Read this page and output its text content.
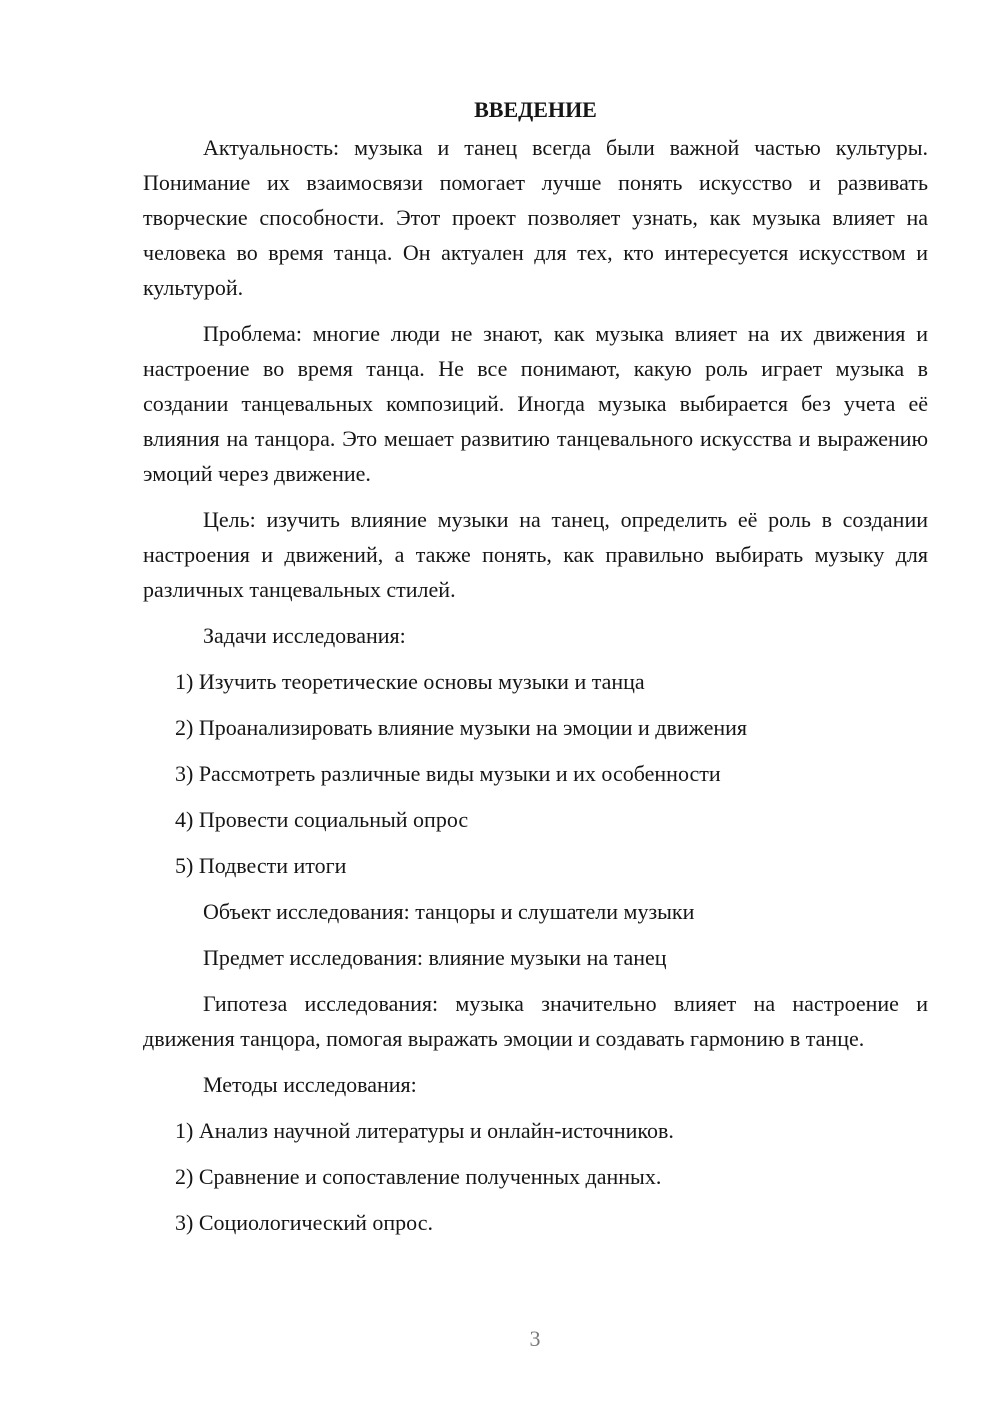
ВВЕДЕНИЕ

Актуальность: музыка и танец всегда были важной частью культуры. Понимание их взаимосвязи помогает лучше понять искусство и развивать творческие способности. Этот проект позволяет узнать, как музыка влияет на человека во время танца. Он актуален для тех, кто интересуется искусством и культурой.

Проблема: многие люди не знают, как музыка влияет на их движения и настроение во время танца. Не все понимают, какую роль играет музыка в создании танцевальных композиций. Иногда музыка выбирается без учета её влияния на танцора. Это мешает развитию танцевального искусства и выражению эмоций через движение.

Цель: изучить влияние музыки на танец, определить её роль в создании настроения и движений, а также понять, как правильно выбирать музыку для различных танцевальных стилей.

Задачи исследования:

1) Изучить теоретические основы музыки и танца

2) Проанализировать влияние музыки на эмоции и движения

3) Рассмотреть различные виды музыки и их особенности

4) Провести социальный опрос

5) Подвести итоги

Объект исследования: танцоры и слушатели музыки

Предмет исследования: влияние музыки на танец

Гипотеза исследования: музыка значительно влияет на настроение и движения танцора, помогая выражать эмоции и создавать гармонию в танце.

Методы исследования:

1) Анализ научной литературы и онлайн-источников.

2) Сравнение и сопоставление полученных данных.

3) Социологический опрос.

3
